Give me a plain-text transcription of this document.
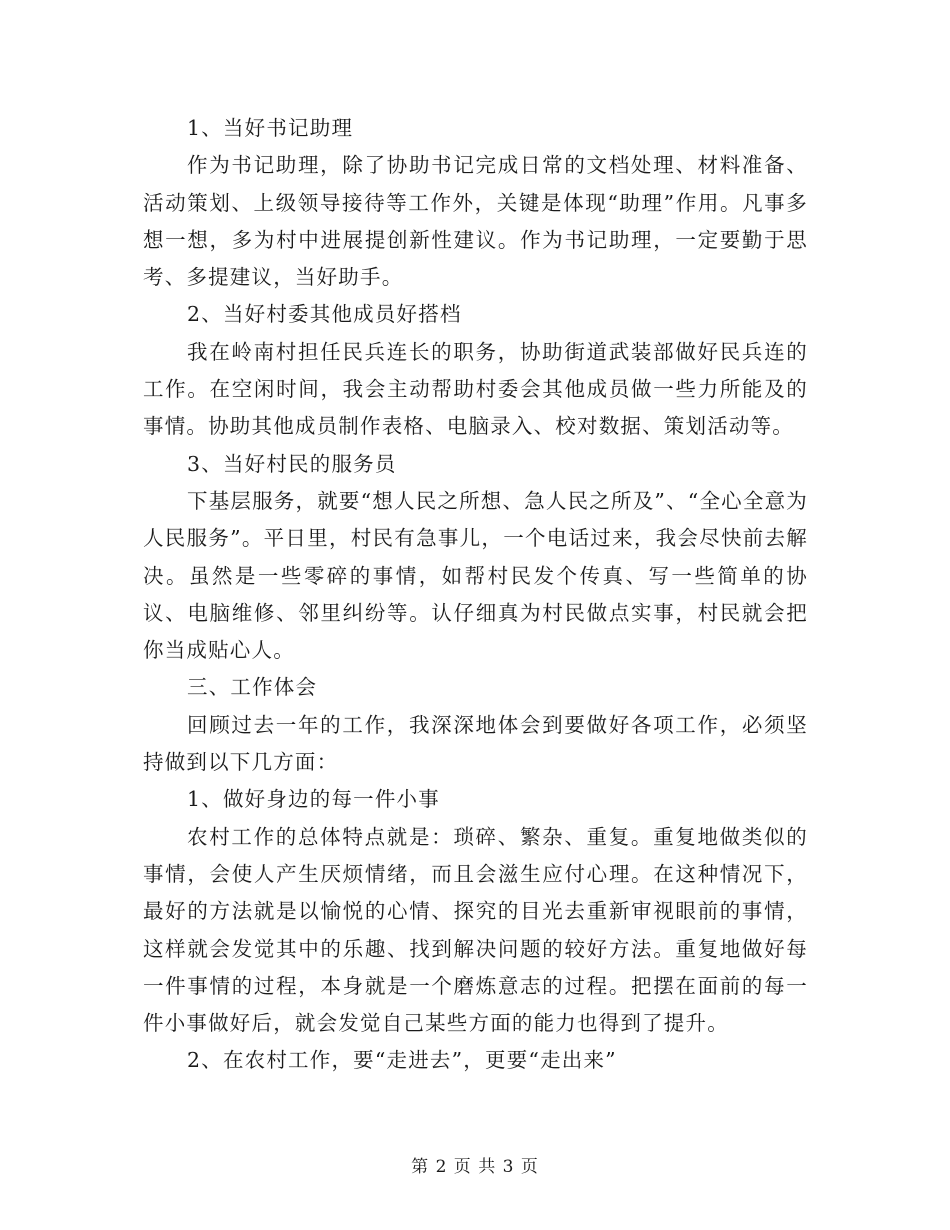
1、当好书记助理

作为书记助理，除了协助书记完成日常的文档处理、材料准备、活动策划、上级领导接待等工作外，关键是体现“助理”作用。凡事多想一想，多为村中进展提创新性建议。作为书记助理，一定要勤于思考、多提建议，当好助手。

2、当好村委其他成员好搭档

我在岭南村担任民兵连长的职务，协助街道武装部做好民兵连的工作。在空闲时间，我会主动帮助村委会其他成员做一些力所能及的事情。协助其他成员制作表格、电脑录入、校对数据、策划活动等。

3、当好村民的服务员

下基层服务，就要“想人民之所想、急人民之所及”、“全心全意为人民服务”。平日里，村民有急事儿，一个电话过来，我会尽快前去解决。虽然是一些零碎的事情，如帮村民发个传真、写一些简单的协议、电脑维修、邻里纠纷等。认仔细真为村民做点实事，村民就会把你当成贴心人。

三、工作体会

回顾过去一年的工作，我深深地体会到要做好各项工作，必须坚持做到以下几方面：

1、做好身边的每一件小事

农村工作的总体特点就是：琐碎、繁杂、重复。重复地做类似的事情，会使人产生厌烦情绪，而且会滋生应付心理。在这种情况下，最好的方法就是以愉悦的心情、探究的目光去重新审视眼前的事情，这样就会发觉其中的乐趣、找到解决问题的较好方法。重复地做好每一件事情的过程，本身就是一个磨炼意志的过程。把摆在面前的每一件小事做好后，就会发觉自己某些方面的能力也得到了提升。

2、在农村工作，要“走进去”，更要“走出来”

第 2 页 共 3 页
